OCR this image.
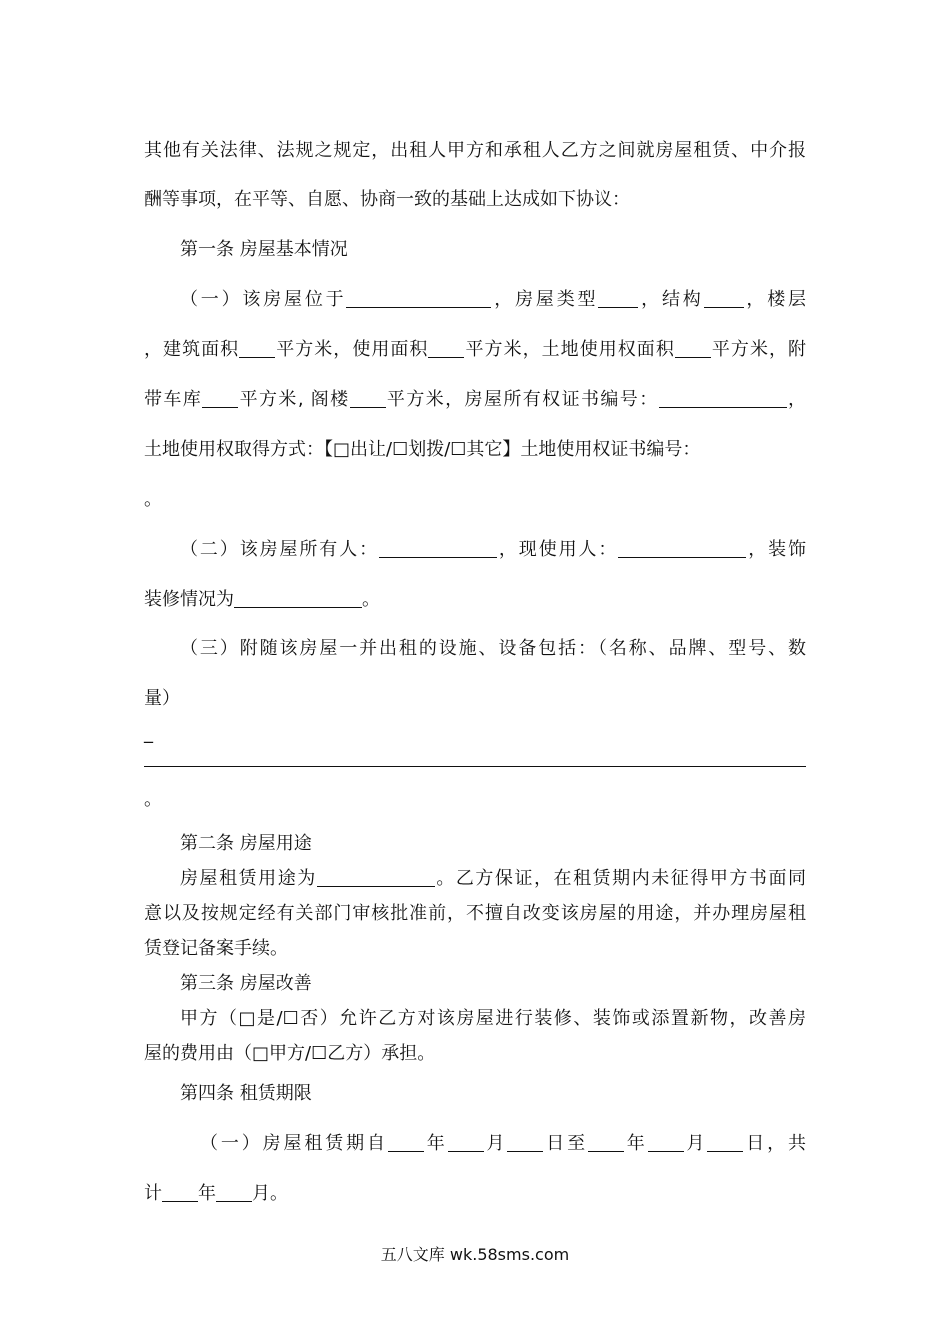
其他有关法律、法规之规定，出租人甲方和承租人乙方之间就房屋租赁、中介报
酬等事项，在平等、自愿、协商一致的基础上达成如下协议：
第一条 房屋基本情况
（一）该房屋位于	，房屋类型 ，结构 ，楼层
，建筑面积 平方米，使用面积 平方米，土地使用权面积 平方米，附
带车库 平方米, 阁楼 平方米，房屋所有权证书编号：	，
土地使用权取得方式：【□出让/☐划拨/☐其它】土地使用权证书编号：
。
（二）该房屋所有人：	，现使用人：	，装饰
装修情况为	。
（三）附随该房屋一并出租的设施、设备包括：（名称、品牌、型号、数
量）
_
。
第二条 房屋用途
房屋租赁用途为	。乙方保证，在租赁期内未征得甲方书面同
意以及按规定经有关部门审核批准前，不擅自改变该房屋的用途，并办理房屋租
赁登记备案手续。
第三条 房屋改善
甲方（□是/☐否）允许乙方对该房屋进行装修、装饰或添置新物，改善房
屋的费用由（□甲方/☐乙方）承担。
第四条 租赁期限
（一）房屋租赁期自 年 月 日至 年 月 日，共
计 年 月。
五八文库 wk.58sms.com
